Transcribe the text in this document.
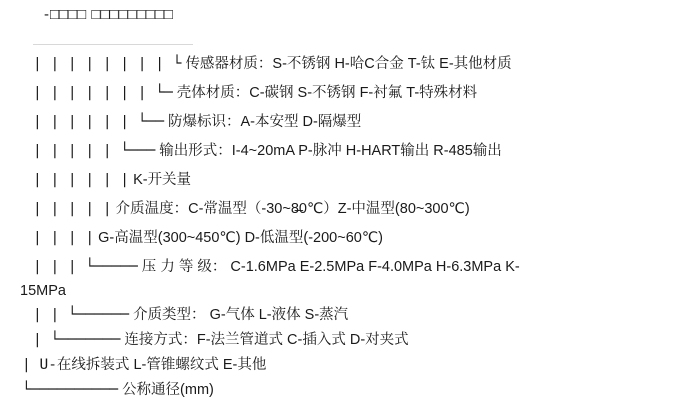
-□□□□ □□□□□□□□□
| | | | | | | | └ 传感器材质：S-不锈钢 H-哈C合金 T-钛 E-其他材质
| | | | | | | └─ 壳体材质：C-碳钢 S-不锈钢 F-衬氟 T-特殊材料
| | | | | | └── 防爆标识：A-本安型 D-隔爆型
| | | | | └─── 输出形式：I-4~20mA P-脉冲 H-HART输出 R-485输出
| | | | | | K-开关量
| | | | | 介质温度：C-常温型（-30~8̶0℃）Z-中温型(80~300℃)
| | | | G-高温型(300~450℃) D-低温型(-200~60℃)
| | | └───── 压 力 等 级： C-1.6MPa E-2.5MPa F-4.0MPa H-6.3MPa K-
15MPa
| | └────── 介质类型： G-气体 L-液体 S-蒸汽
| └─────── 连接方式：F-法兰管道式 C-插入式 D-对夹式
| U-在线拆装式 L-管锥螺纹式 E-其他
└────────── 公称通径(mm)
